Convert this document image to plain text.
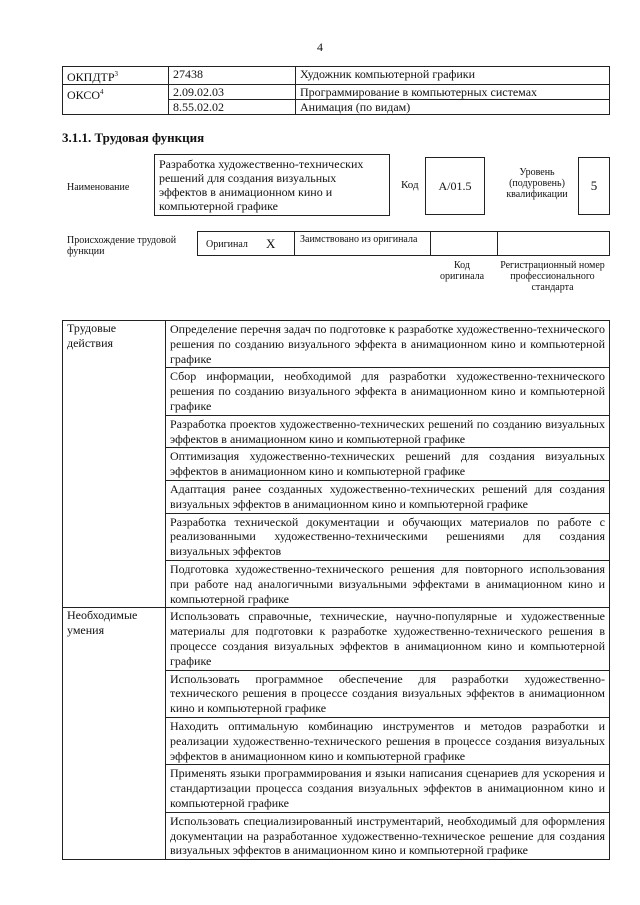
4
ОКПДТР$^3$	27438	Художник компьютерной графики
ОКСО$^4$	2.09.02.03	Программирование в компьютерных системах
	8.55.02.02	Анимация (по видам)
3.1.1. Трудовая функция
Наименование
Разработка художественно-технических решений для создания визуальных эффектов в анимационном кино и компьютерной графике
Код	А/01.5
Уровень (подуровень) квалификации
5
Происхождение трудовой функции
Оригинал X Заимствовано из оригинала
Код оригинала
Регистрационный номер профессионального стандарта
Трудовые действия	Определение перечня задач по подготовке к разработке художественно-технического решения по созданию визуального эффекта в анимационном кино и компьютерной графике
	Сбор информации, необходимой для разработки художественно-технического решения по созданию визуального эффекта в анимационном кино и компьютерной графике
	Разработка проектов художественно-технических решений по созданию визуальных эффектов в анимационном кино и компьютерной графике
	Оптимизация художественно-технических решений для создания визуальных эффектов в анимационном кино и компьютерной графике
	Адаптация ранее созданных художественно-технических решений для создания визуальных эффектов в анимационном кино и компьютерной графике
	Разработка технической документации и обучающих материалов по работе с реализованными художественно-техническими решениями для создания визуальных эффектов
	Подготовка художественно-технического решения для повторного использования при работе над аналогичными визуальными эффектами в анимационном кино и компьютерной графике
Необходимые умения	Использовать справочные, технические, научно-популярные и художественные материалы для подготовки к разработке художественно-технического решения в процессе создания визуальных эффектов в анимационном кино и компьютерной графике
	Использовать программное обеспечение для разработки художественно-технического решения в процессе создания визуальных эффектов в анимационном кино и компьютерной графике
	Находить оптимальную комбинацию инструментов и методов разработки и реализации художественно-технического решения в процессе создания визуальных эффектов в анимационном кино и компьютерной графике
	Применять языки программирования и языки написания сценариев для ускорения и стандартизации процесса создания визуальных эффектов в анимационном кино и компьютерной графике
	Использовать специализированный инструментарий, необходимый для оформления документации на разработанное художественно-техническое решение для создания визуальных эффектов в анимационном кино и компьютерной графике
